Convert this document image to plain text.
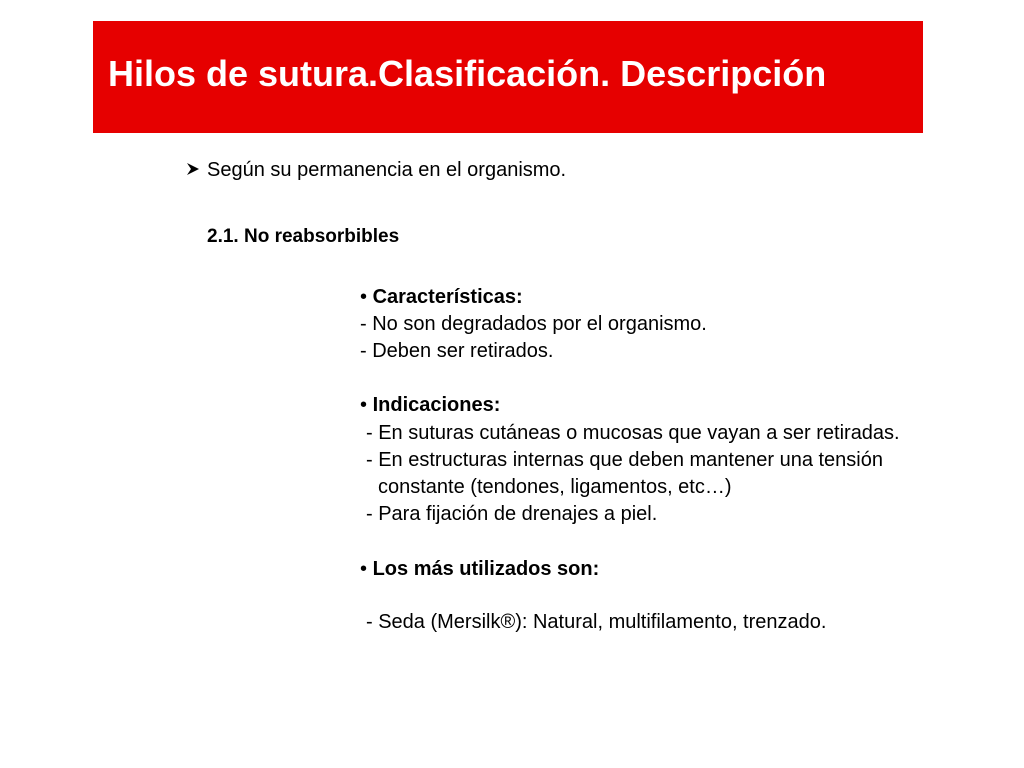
Hilos de sutura.Clasificación. Descripción
Según su permanencia en el organismo.
2.1. No reabsorbibles
• Características:
- No son degradados por el organismo.
- Deben ser retirados.
• Indicaciones:
- En suturas cutáneas o mucosas que vayan a ser retiradas.
- En estructuras internas que deben mantener una tensión
constante (tendones, ligamentos, etc…)
- Para fijación de drenajes a piel.
• Los más utilizados son:
- Seda (Mersilk®): Natural, multifilamento, trenzado.
